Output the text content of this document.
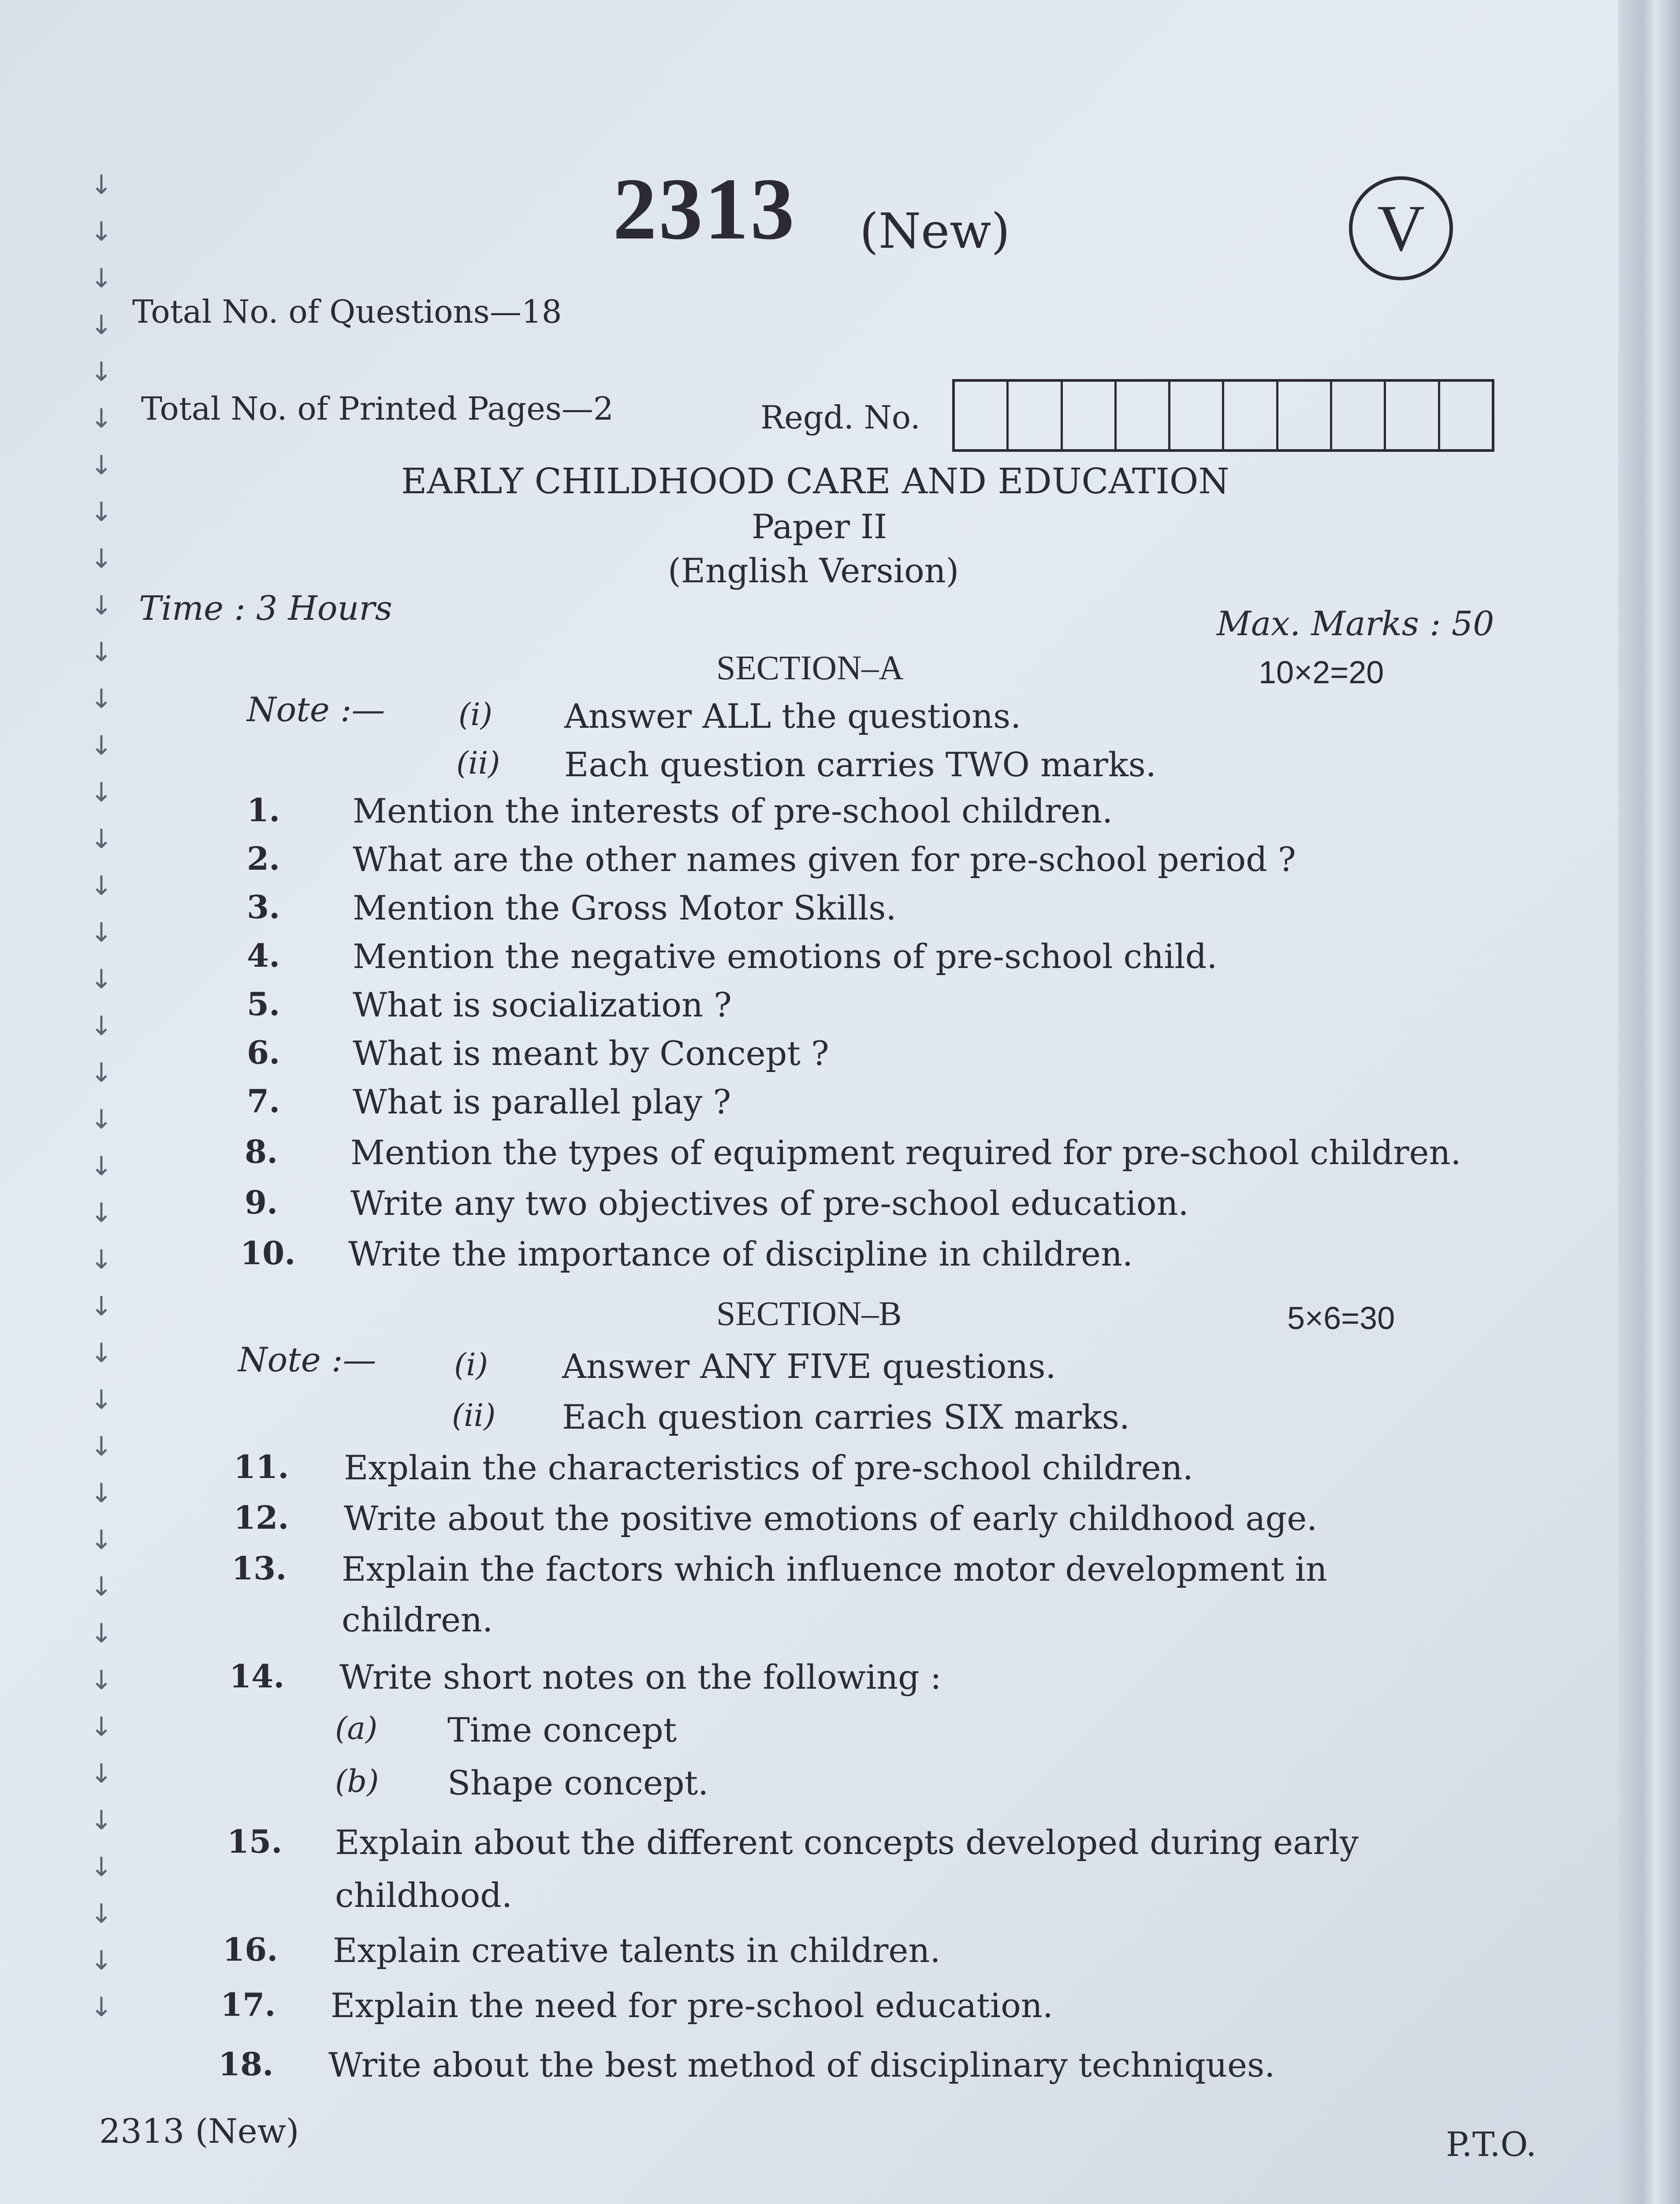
↓
↓
↓
↓
↓
↓
↓
↓
↓
↓
↓
↓
↓
↓
↓
↓
↓
↓
↓
↓
↓
↓
↓
↓
↓
↓
↓
↓
↓
↓
↓
↓
↓
↓
↓
↓
↓
↓
↓
↓
2313 (New)	V
Total No. of Questions—18
Total No. of Printed Pages—2	Regd. No.
EARLY CHILDHOOD CARE AND EDUCATION
Paper II
(English Version)
Time : 3 Hours	Max. Marks : 50
SECTION–A	10×2=20
Note :— (i) Answer ALL the questions.
(ii) Each question carries TWO marks.
1. Mention the interests of pre-school children.
2. What are the other names given for pre-school period ?
3. Mention the Gross Motor Skills.
4. Mention the negative emotions of pre-school child.
5. What is socialization ?
6. What is meant by Concept ?
7. What is parallel play ?
8. Mention the types of equipment required for pre-school children.
9. Write any two objectives of pre-school education.
10. Write the importance of discipline in children.
SECTION–B	5×6=30
Note :—	(i) Answer ANY FIVE questions.
(ii) Each question carries SIX marks.
11. Explain the characteristics of pre-school children.
12. Write about the positive emotions of early childhood age.
13. Explain the factors which influence motor development in
children.
14. Write short notes on the following :
(a) Time concept
(b) Shape concept.
15. Explain about the different concepts developed during early
childhood.
16. Explain creative talents in children.
17. Explain the need for pre-school education.
18. Write about the best method of disciplinary techniques.
2313 (New)	P.T.O.
